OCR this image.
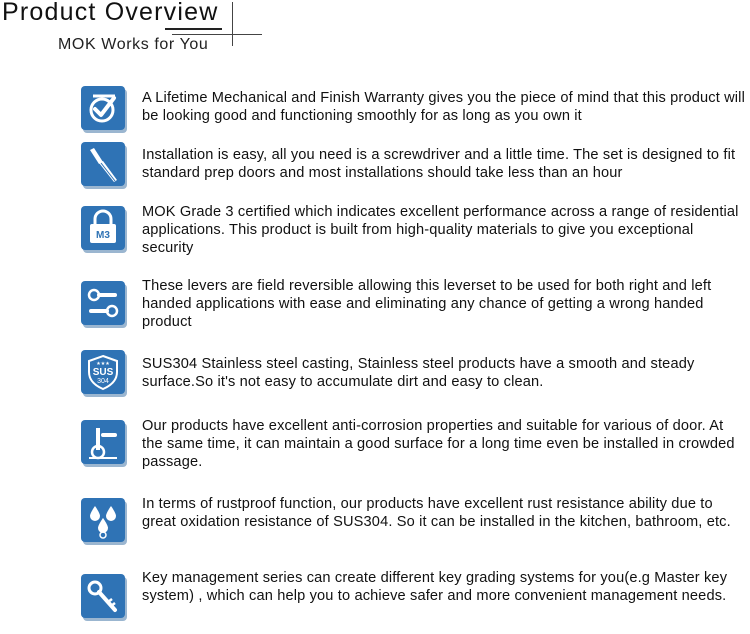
Product Overview
MOK Works for You
A Lifetime Mechanical and Finish Warranty gives you the piece of mind that this product will be looking good and functioning smoothly for as long as you own it
Installation is easy, all you need is a screwdriver and a little time. The set is designed to fit standard prep doors and most installations should take less than an hour
M3
MOK Grade 3 certified which indicates excellent performance across a range of residential applications. This product is built from high-quality materials to give you exceptional security
These levers are field reversible allowing this leverset to be used for both right and left handed applications with ease and eliminating any chance of getting a wrong handed product
SUS
304
★★★ SUS304 Stainless steel casting, Stainless steel products have a smooth and steady surface.So it's not easy to accumulate dirt and easy to clean.
Our products have excellent anti-corrosion properties and suitable for various of door. At the same time, it can maintain a good surface for a long time even be installed in crowded passage.
In terms of rustproof function, our products have excellent rust resistance ability due to great oxidation resistance of SUS304. So it can be installed in the kitchen, bathroom, etc.
Key management series can create different key grading systems for you(e.g Master key system) , which can help you to achieve safer and more convenient management needs.
